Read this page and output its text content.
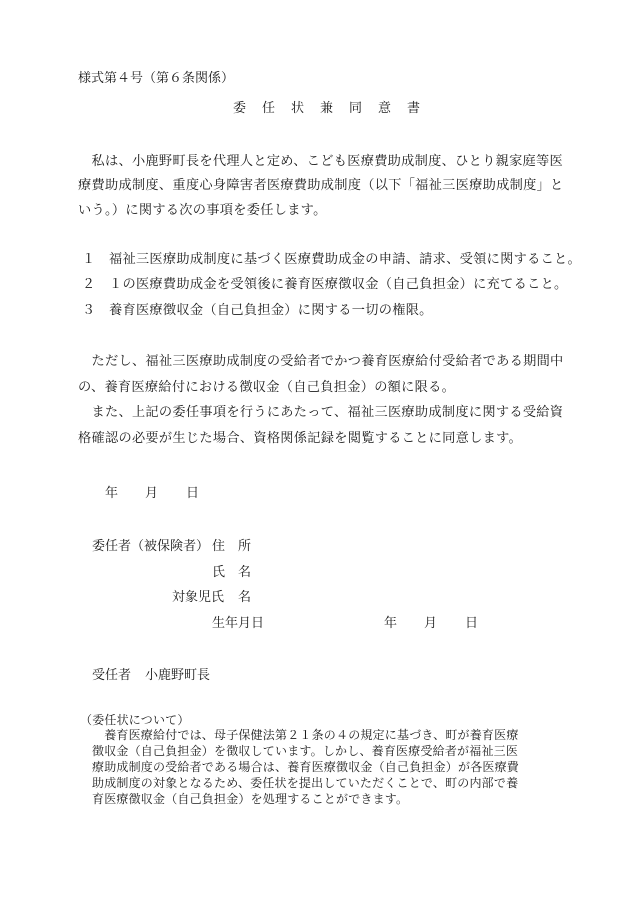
様式第４号（第６条関係）
委　任　状　兼　同　意　書
　私は、小鹿野町長を代理人と定め、こども医療費助成制度、ひとり親家庭等医
療費助成制度、重度心身障害者医療費助成制度（以下「福祉三医療助成制度」と
いう。）に関する次の事項を委任します。
１　福祉三医療助成制度に基づく医療費助成金の申請、請求、受領に関すること。
２　１の医療費助成金を受領後に養育医療徴収金（自己負担金）に充てること。
３　養育医療徴収金（自己負担金）に関する一切の権限。
　ただし、福祉三医療助成制度の受給者でかつ養育医療給付受給者である期間中
の、養育医療給付における徴収金（自己負担金）の額に限る。
　また、上記の委任事項を行うにあたって、福祉三医療助成制度に関する受給資
格確認の必要が生じた場合、資格関係記録を閲覧することに同意します。
年 月 日
委任者（被保険者） 住　所
氏　名
対象児氏 名
生年月日	年 月 日
受任者 小鹿野町長
（委任状について）
　養育医療給付では、母子保健法第２１条の４の規定に基づき、町が養育医療
徴収金（自己負担金）を徴収しています。しかし、養育医療受給者が福祉三医
療助成制度の受給者である場合は、養育医療徴収金（自己負担金）が各医療費
助成制度の対象となるため、委任状を提出していただくことで、町の内部で養
育医療徴収金（自己負担金）を処理することができます。
